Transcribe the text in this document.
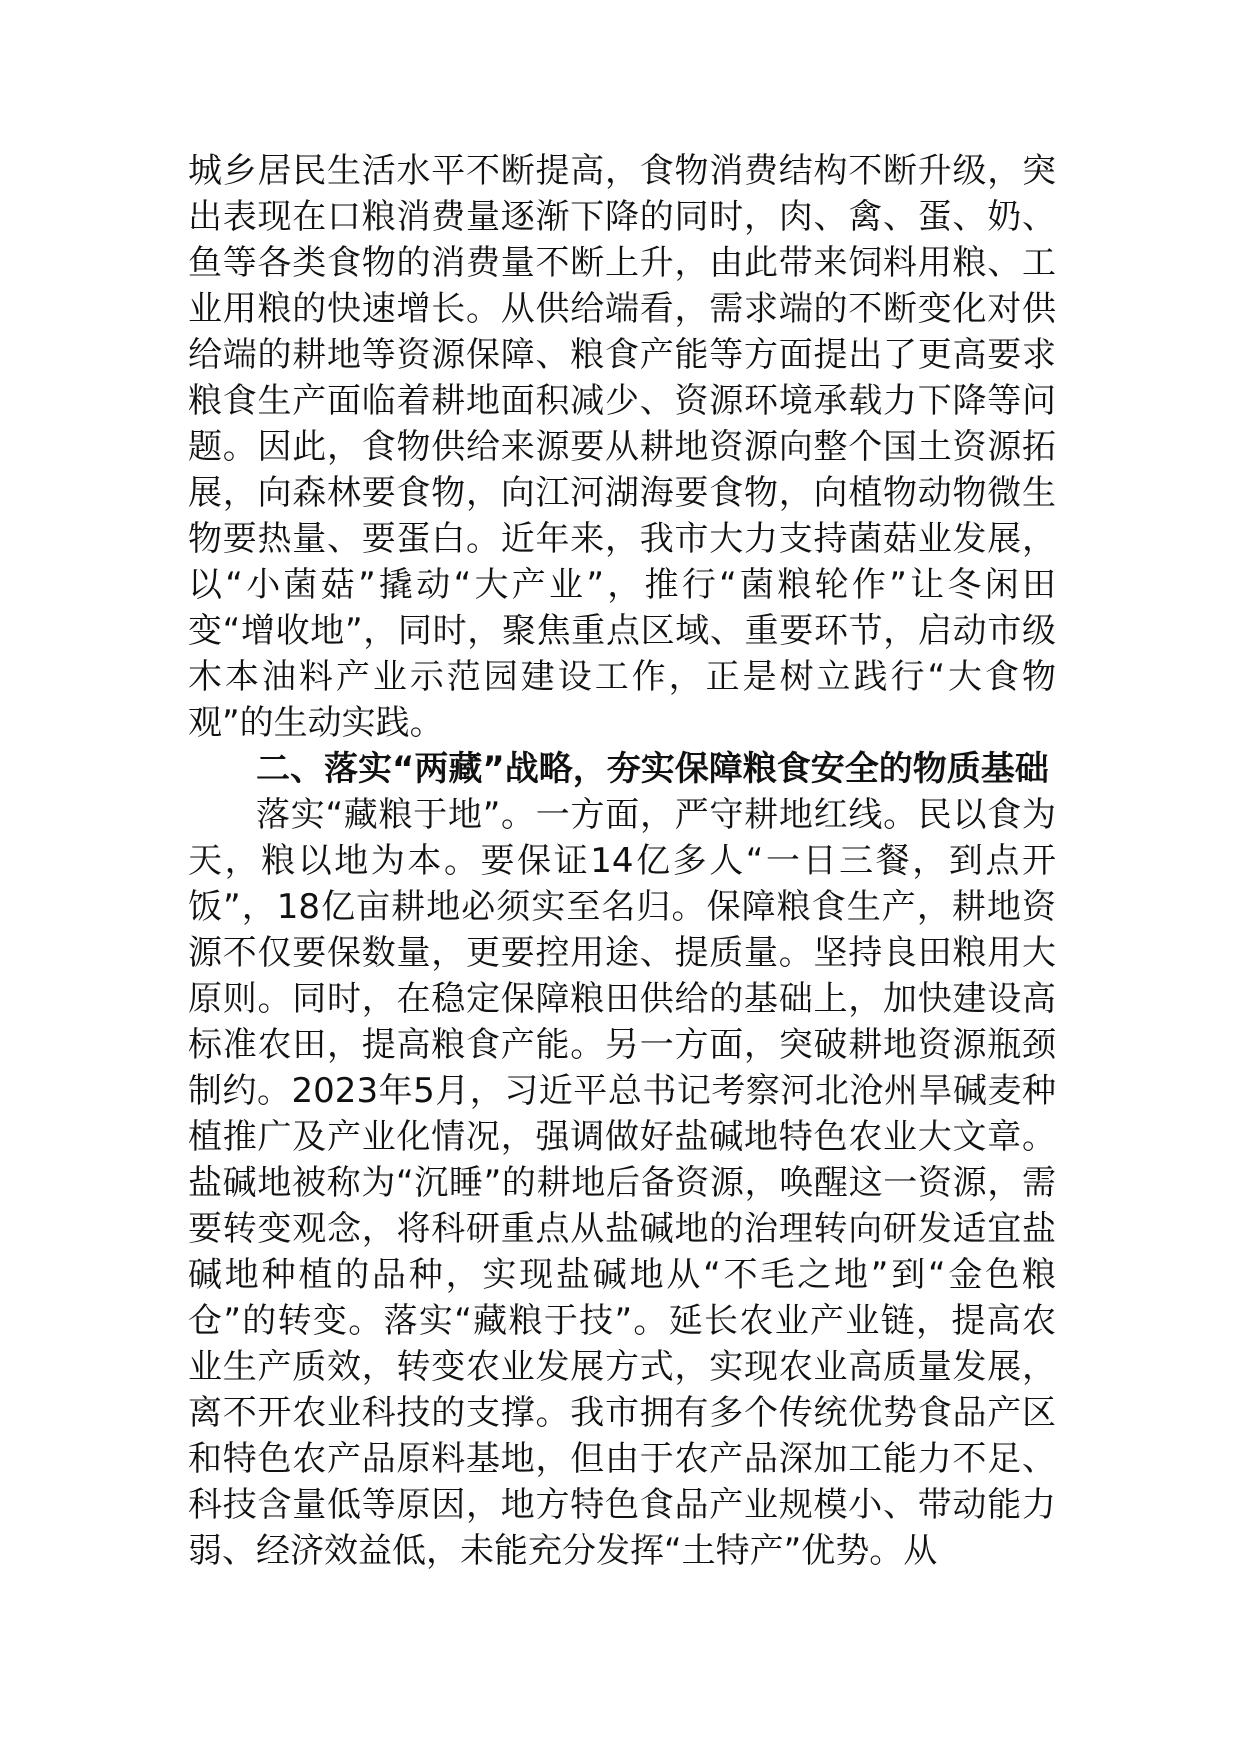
城乡居民生活水平不断提高，食物消费结构不断升级，突出表现在口粮消费量逐渐下降的同时，肉、禽、蛋、奶、鱼等各类食物的消费量不断上升，由此带来饲料用粮、工业用粮的快速增长。从供给端看，需求端的不断变化对供给端的耕地等资源保障、粮食产能等方面提出了更高要求粮食生产面临着耕地面积减少、资源环境承载力下降等问题。因此，食物供给来源要从耕地资源向整个国土资源拓展，向森林要食物，向江河湖海要食物，向植物动物微生物要热量、要蛋白。近年来，我市大力支持菌菇业发展，以“小菌菇”撬动“大产业”，推行“菌粮轮作”让冬闲田变“增收地”，同时，聚焦重点区域、重要环节，启动市级木本油料产业示范园建设工作，正是树立践行“大食物观”的生动实践。

二、落实“两藏”战略，夯实保障粮食安全的物质基础

落实“藏粮于地”。一方面，严守耕地红线。民以食为天，粮以地为本。要保证14亿多人“一日三餐，到点开饭”，18亿亩耕地必须实至名归。保障粮食生产，耕地资源不仅要保数量，更要控用途、提质量。坚持良田粮用大原则。同时，在稳定保障粮田供给的基础上，加快建设高标准农田，提高粮食产能。另一方面，突破耕地资源瓶颈制约。2023年5月，习近平总书记考察河北沧州旱碱麦种植推广及产业化情况，强调做好盐碱地特色农业大文章。盐碱地被称为“沉睡”的耕地后备资源，唤醒这一资源，需要转变观念，将科研重点从盐碱地的治理转向研发适宜盐碱地种植的品种，实现盐碱地从“不毛之地”到“金色粮仓”的转变。落实“藏粮于技”。延长农业产业链，提高农业生产质效，转变农业发展方式，实现农业高质量发展，离不开农业科技的支撑。我市拥有多个传统优势食品产区和特色农产品原料基地，但由于农产品深加工能力不足、科技含量低等原因，地方特色食品产业规模小、带动能力弱、经济效益低，未能充分发挥“土特产”优势。从
